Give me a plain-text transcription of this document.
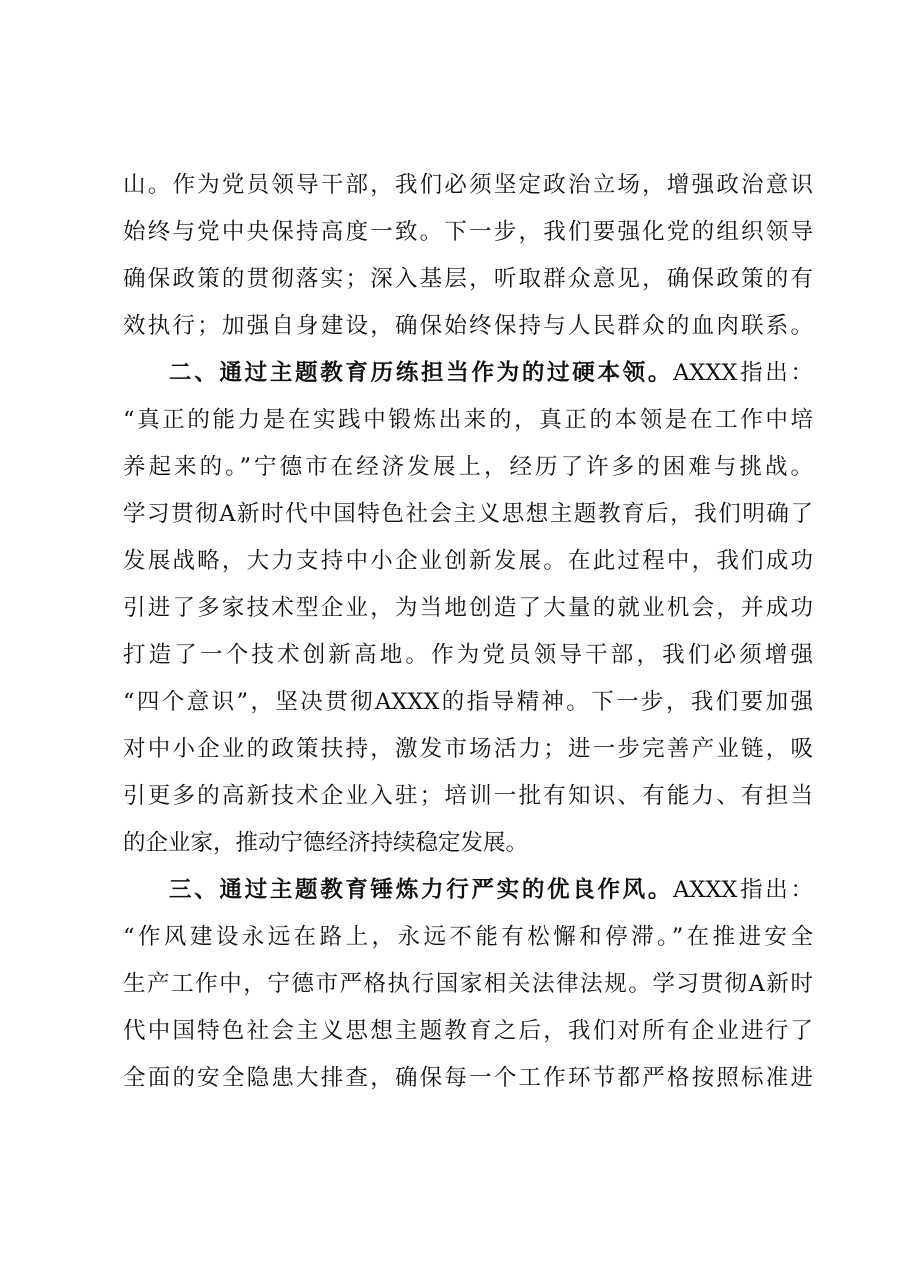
山。作为党员领导干部，我们必须坚定政治立场，增强政治意识
始终与党中央保持高度一致。下一步，我们要强化党的组织领导
确保政策的贯彻落实；深入基层，听取群众意见，确保政策的有
效执行；加强自身建设，确保始终保持与人民群众的血肉联系。
二、通过主题教育历练担当作为的过硬本领。AXXX指出：
“真正的能力是在实践中锻炼出来的，真正的本领是在工作中培
养起来的。”宁德市在经济发展上，经历了许多的困难与挑战。
学习贯彻A新时代中国特色社会主义思想主题教育后，我们明确了
发展战略，大力支持中小企业创新发展。在此过程中，我们成功
引进了多家技术型企业，为当地创造了大量的就业机会，并成功
打造了一个技术创新高地。作为党员领导干部，我们必须增强
“四个意识”，坚决贯彻AXXX的指导精神。下一步，我们要加强
对中小企业的政策扶持，激发市场活力；进一步完善产业链，吸
引更多的高新技术企业入驻；培训一批有知识、有能力、有担当
的企业家，推动宁德经济持续稳定发展。
三、通过主题教育锤炼力行严实的优良作风。AXXX指出：
“作风建设永远在路上，永远不能有松懈和停滞。”在推进安全
生产工作中，宁德市严格执行国家相关法律法规。学习贯彻A新时
代中国特色社会主义思想主题教育之后，我们对所有企业进行了
全面的安全隐患大排查，确保每一个工作环节都严格按照标准进
